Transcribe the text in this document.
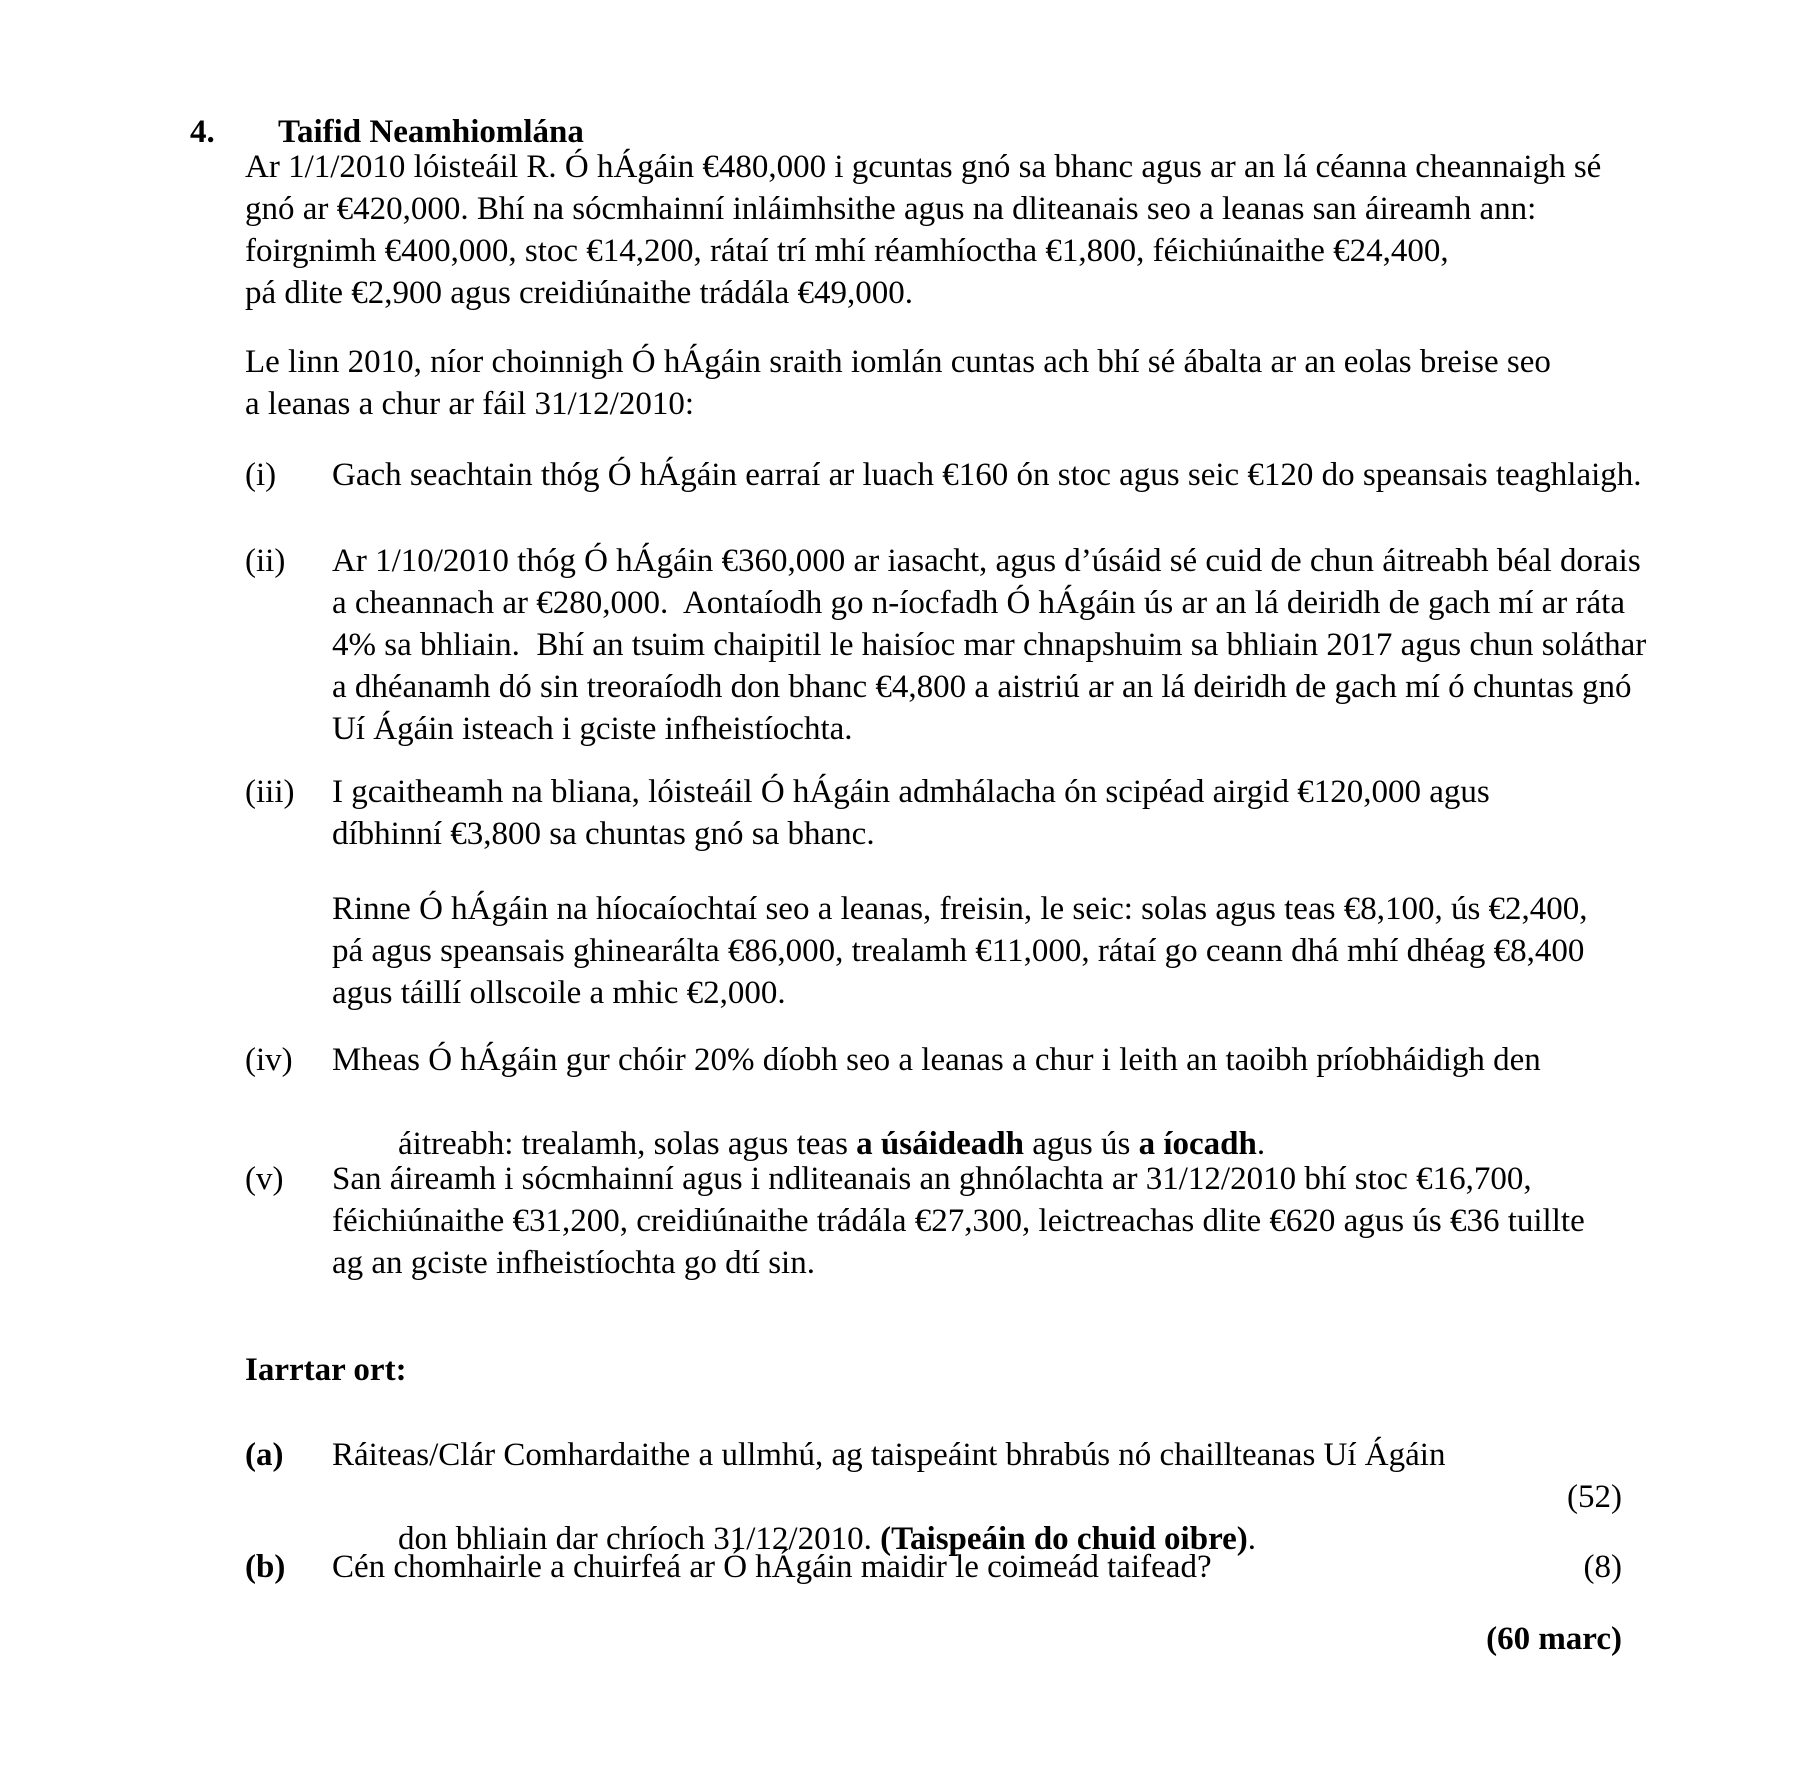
4. Taifid Neamhiomlána

Ar 1/1/2010 lóisteáil R. Ó hÁgáin €480,000 i gcuntas gnó sa bhanc agus ar an lá céanna cheannaigh sé
gnó ar €420,000. Bhí na sócmhainní inláimhsithe agus na dliteanais seo a leanas san áireamh ann:
foirgnimh €400,000, stoc €14,200, rátaí trí mhí réamhíoctha €1,800, féichiúnaithe €24,400,
pá dlite €2,900 agus creidiúnaithe trádála €49,000.
Le linn 2010, níor choinnigh Ó hÁgáin sraith iomlán cuntas ach bhí sé ábalta ar an eolas breise seo
a leanas a chur ar fáil 31/12/2010:
(i) Gach seachtain thóg Ó hÁgáin earraí ar luach €160 ón stoc agus seic €120 do speansais teaghlaigh.
(ii) Ar 1/10/2010 thóg Ó hÁgáin €360,000 ar iasacht, agus d’úsáid sé cuid de chun áitreabh béal dorais
a cheannach ar €280,000.  Aontaíodh go n-íocfadh Ó hÁgáin ús ar an lá deiridh de gach mí ar ráta
4% sa bhliain.  Bhí an tsuim chaipitil le haisíoc mar chnapshuim sa bhliain 2017 agus chun soláthar
a dhéanamh dó sin treoraíodh don bhanc €4,800 a aistriú ar an lá deiridh de gach mí ó chuntas gnó
Uí Ágáin isteach i gciste infheistíochta.
(iii) I gcaitheamh na bliana, lóisteáil Ó hÁgáin admhálacha ón scipéad airgid €120,000 agus
díbhinní €3,800 sa chuntas gnó sa bhanc.
Rinne Ó hÁgáin na híocaíochtaí seo a leanas, freisin, le seic: solas agus teas €8,100, ús €2,400,
pá agus speansais ghinearálta €86,000, trealamh €11,000, rátaí go ceann dhá mhí dhéag €8,400
agus táillí ollscoile a mhic €2,000.
(iv) Mheas Ó hÁgáin gur chóir 20% díobh seo a leanas a chur i leith an taoibh príobháidigh den

áitreabh: trealamh, solas agus teas a úsáideadh agus ús a íocadh.

(v) San áireamh i sócmhainní agus i ndliteanais an ghnólachta ar 31/12/2010 bhí stoc €16,700,
féichiúnaithe €31,200, creidiúnaithe trádála €27,300, leictreachas dlite €620 agus ús €36 tuillte
ag an gciste infheistíochta go dtí sin.
Iarrtar ort:
(a) Ráiteas/Clár Comhardaithe a ullmhú, ag taispeáint bhrabús nó chaillteanas Uí Ágáin

don bhliain dar chríoch 31/12/2010. (Taispeáin do chuid oibre).

(52)
(b) Cén chomhairle a chuirfeá ar Ó hÁgáin maidir le coimeád taifead?	(8)
(60 marc)
